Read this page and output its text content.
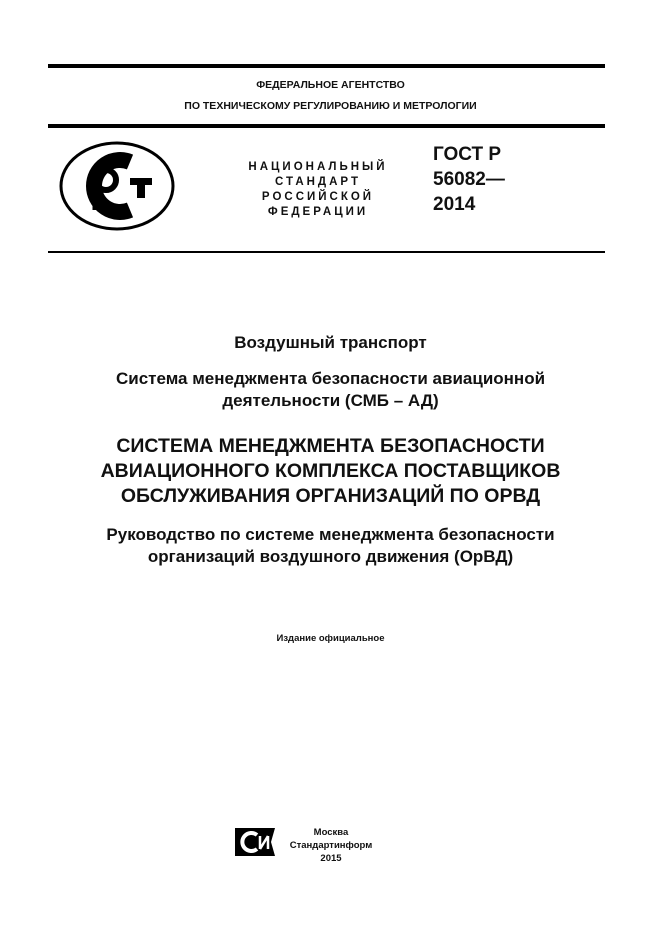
ФЕДЕРАЛЬНОЕ АГЕНТСТВО
ПО ТЕХНИЧЕСКОМУ РЕГУЛИРОВАНИЮ И МЕТРОЛОГИИ
НАЦИОНАЛЬНЫЙ
СТАНДАРТ
РОССИЙСКОЙ
ФЕДЕРАЦИИ
ГОСТ Р
56082—
2014
Воздушный транспорт
Система менеджмента безопасности авиационной
деятельности (СМБ – АД)
СИСТЕМА МЕНЕДЖМЕНТА БЕЗОПАСНОСТИ
АВИАЦИОННОГО КОМПЛЕКСА ПОСТАВЩИКОВ
ОБСЛУЖИВАНИЯ ОРГАНИЗАЦИЙ ПО ОРВД
Руководство по системе менеджмента безопасности
организаций воздушного движения (ОрВД)
Издание официальное
Москва
Стандартинформ
2015
